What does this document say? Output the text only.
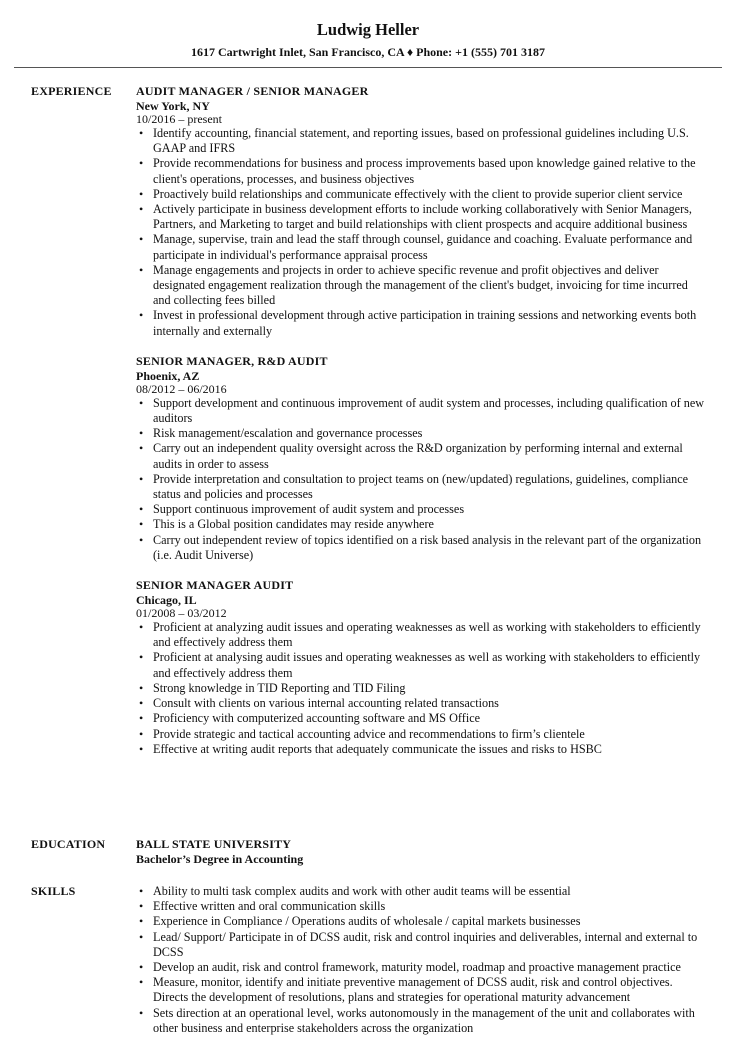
Ludwig Heller
1617 Cartwright Inlet, San Francisco, CA ♦ Phone: +1 (555) 701 3187
EXPERIENCE AUDIT MANAGER / SENIOR MANAGER
New York, NY
10/2016 – present
• Identify accounting, financial statement, and reporting issues, based on professional guidelines including U.S. GAAP and IFRS
• Provide recommendations for business and process improvements based upon knowledge gained relative to the client's operations, processes, and business objectives
• Proactively build relationships and communicate effectively with the client to provide superior client service
• Actively participate in business development efforts to include working collaboratively with Senior Managers, Partners, and Marketing to target and build relationships with client prospects and acquire additional business
• Manage, supervise, train and lead the staff through counsel, guidance and coaching. Evaluate performance and participate in individual's performance appraisal process
• Manage engagements and projects in order to achieve specific revenue and profit objectives and deliver designated engagement realization through the management of the client's budget, invoicing for time incurred and collecting fees billed
• Invest in professional development through active participation in training sessions and networking events both internally and externally
SENIOR MANAGER, R&D AUDIT
Phoenix, AZ
08/2012 – 06/2016
• Support development and continuous improvement of audit system and processes, including qualification of new auditors
• Risk management/escalation and governance processes
• Carry out an independent quality oversight across the R&D organization by performing internal and external audits in order to assess
• Provide interpretation and consultation to project teams on (new/updated) regulations, guidelines, compliance status and policies and processes
• Support continuous improvement of audit system and processes
• This is a Global position candidates may reside anywhere
• Carry out independent review of topics identified on a risk based analysis in the relevant part of the organization (i.e. Audit Universe)
SENIOR MANAGER AUDIT
Chicago, IL
01/2008 – 03/2012
• Proficient at analyzing audit issues and operating weaknesses as well as working with stakeholders to efficiently and effectively address them
• Proficient at analysing audit issues and operating weaknesses as well as working with stakeholders to efficiently and effectively address them
• Strong knowledge in TID Reporting and TID Filing
• Consult with clients on various internal accounting related transactions
• Proficiency with computerized accounting software and MS Office
• Provide strategic and tactical accounting advice and recommendations to firm’s clientele
• Effective at writing audit reports that adequately communicate the issues and risks to HSBC
EDUCATION	BALL STATE UNIVERSITY
Bachelor’s Degree in Accounting
SKILLS	• Ability to multi task complex audits and work with other audit teams will be essential
• Effective written and oral communication skills
• Experience in Compliance / Operations audits of wholesale / capital markets businesses
• Lead/ Support/ Participate in of DCSS audit, risk and control inquiries and deliverables, internal and external to DCSS
• Develop an audit, risk and control framework, maturity model, roadmap and proactive management practice
• Measure, monitor, identify and initiate preventive management of DCSS audit, risk and control objectives. Directs the development of resolutions, plans and strategies for operational maturity advancement
• Sets direction at an operational level, works autonomously in the management of the unit and collaborates with other business and enterprise stakeholders across the organization
